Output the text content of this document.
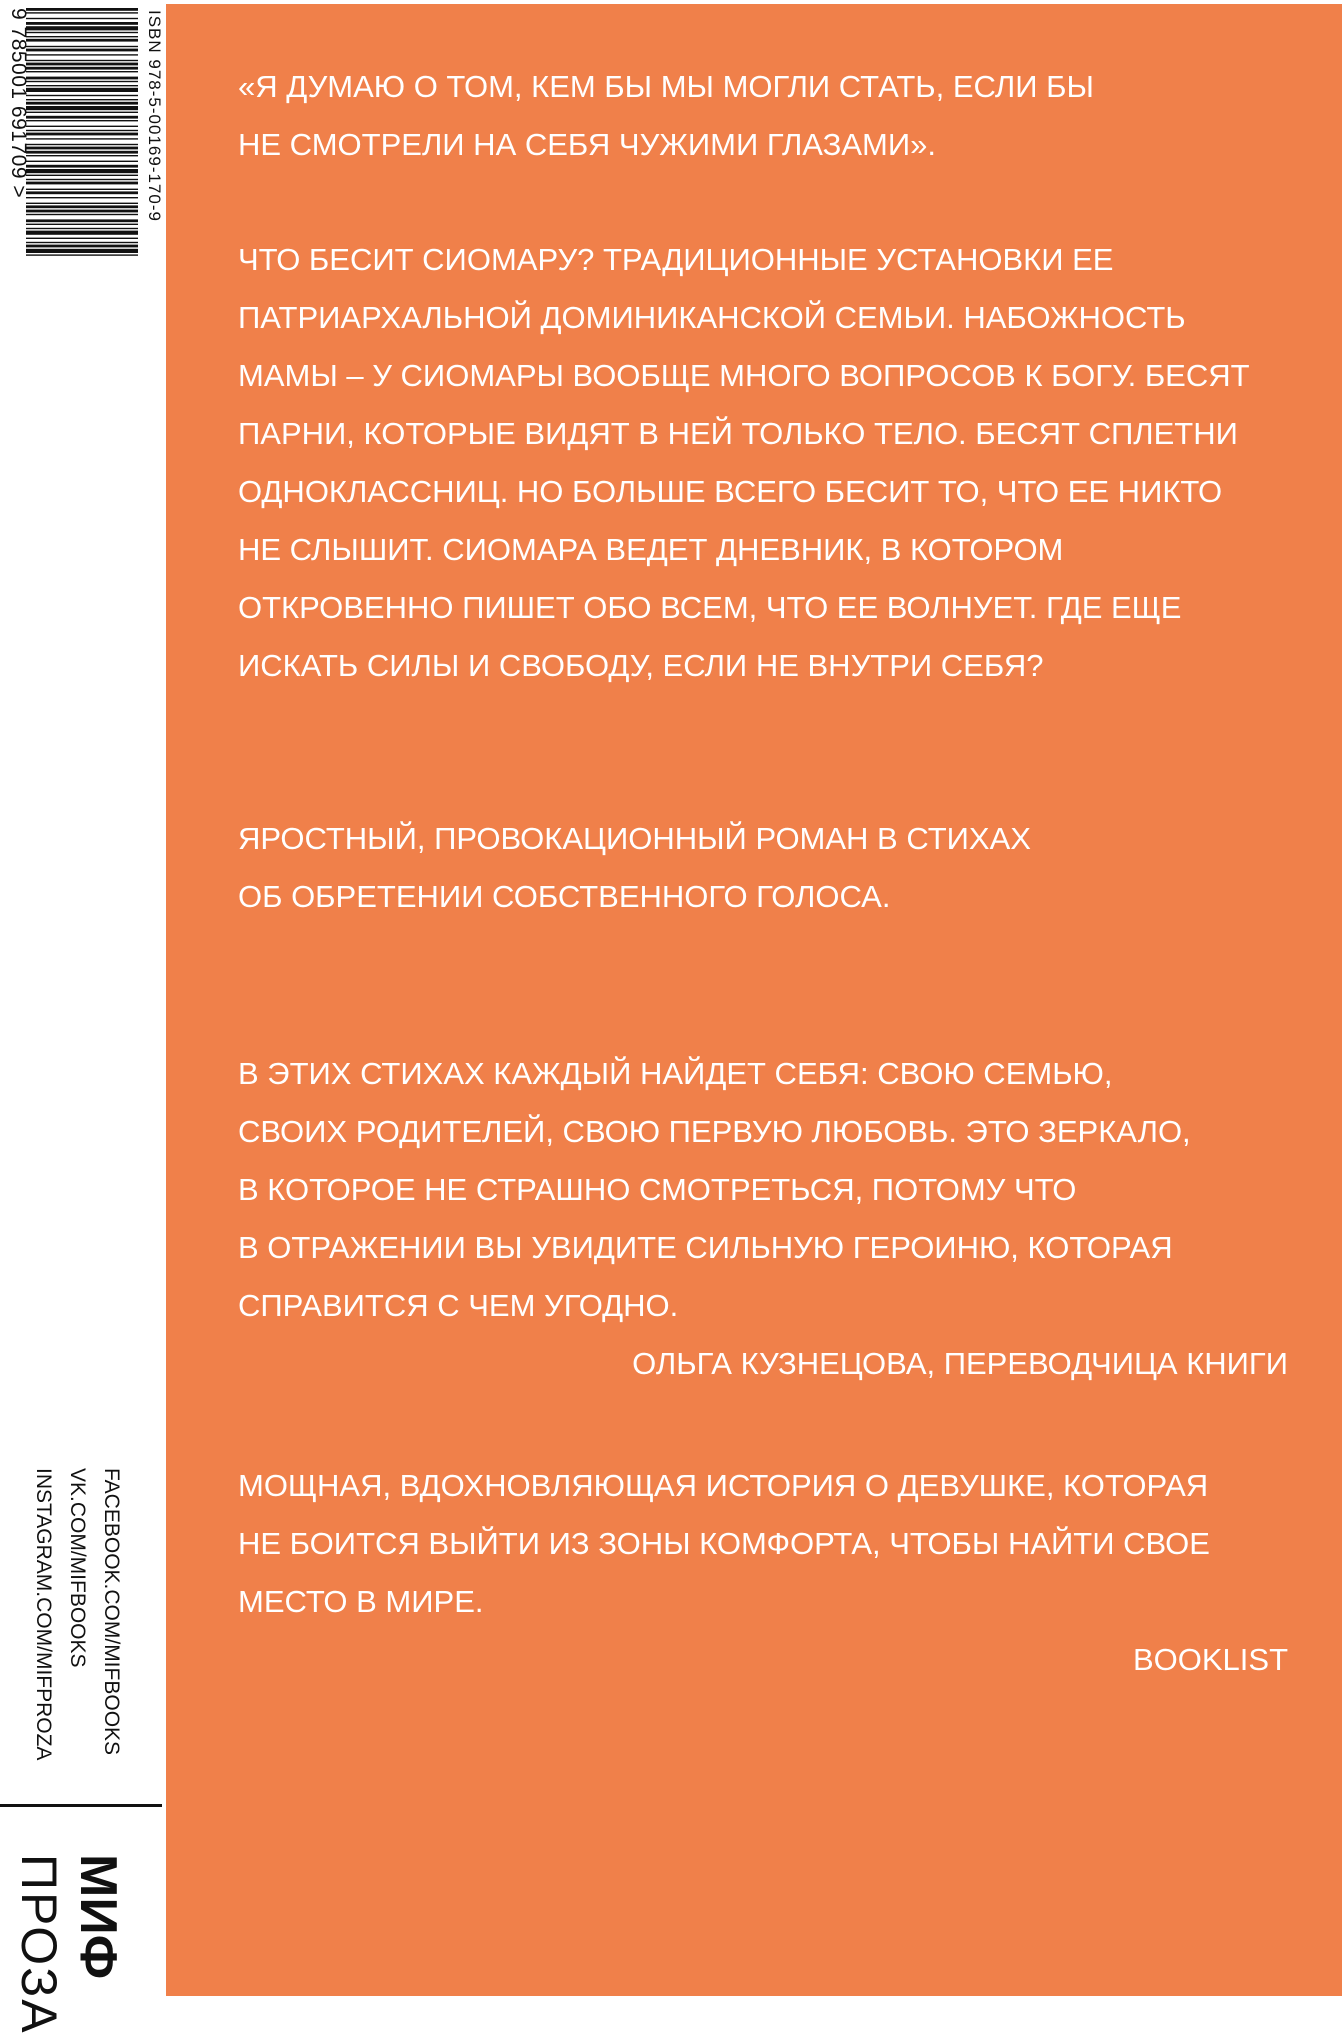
9 785001 691709 >	ISBN 978-5-00169-170-9
FACEBOOK.COM/MIFBOOKS
VK.COM/MIFBOOKS
INSTAGRAM.COM/MIFPROZA
МИФ
ПРОЗА

«Я ДУМАЮ О ТОМ, КЕМ БЫ МЫ МОГЛИ СТАТЬ, ЕСЛИ БЫ
НЕ СМОТРЕЛИ НА СЕБЯ ЧУЖИМИ ГЛАЗАМИ».

ЧТО БЕСИТ СИОМАРУ? ТРАДИЦИОННЫЕ УСТАНОВКИ ЕЕ
ПАТРИАРХАЛЬНОЙ ДОМИНИКАНСКОЙ СЕМЬИ. НАБОЖНОСТЬ
МАМЫ – У СИОМАРЫ ВООБЩЕ МНОГО ВОПРОСОВ К БОГУ. БЕСЯТ
ПАРНИ, КОТОРЫЕ ВИДЯТ В НЕЙ ТОЛЬКО ТЕЛО. БЕСЯТ СПЛЕТНИ
ОДНОКЛАССНИЦ. НО БОЛЬШЕ ВСЕГО БЕСИТ ТО, ЧТО ЕЕ НИКТО
НЕ СЛЫШИТ. СИОМАРА ВЕДЕТ ДНЕВНИК, В КОТОРОМ
ОТКРОВЕННО ПИШЕТ ОБО ВСЕМ, ЧТО ЕЕ ВОЛНУЕТ. ГДЕ ЕЩЕ
ИСКАТЬ СИЛЫ И СВОБОДУ, ЕСЛИ НЕ ВНУТРИ СЕБЯ?

ЯРОСТНЫЙ, ПРОВОКАЦИОННЫЙ РОМАН В СТИХАХ
ОБ ОБРЕТЕНИИ СОБСТВЕННОГО ГОЛОСА.

В ЭТИХ СТИХАХ КАЖДЫЙ НАЙДЕТ СЕБЯ: СВОЮ СЕМЬЮ,
СВОИХ РОДИТЕЛЕЙ, СВОЮ ПЕРВУЮ ЛЮБОВЬ. ЭТО ЗЕРКАЛО,
В КОТОРОЕ НЕ СТРАШНО СМОТРЕТЬСЯ, ПОТОМУ ЧТО
В ОТРАЖЕНИИ ВЫ УВИДИТЕ СИЛЬНУЮ ГЕРОИНЮ, КОТОРАЯ
СПРАВИТСЯ С ЧЕМ УГОДНО.

ОЛЬГА КУЗНЕЦОВА, ПЕРЕВОДЧИЦА КНИГИ

МОЩНАЯ, ВДОХНОВЛЯЮЩАЯ ИСТОРИЯ О ДЕВУШКЕ, КОТОРАЯ
НЕ БОИТСЯ ВЫЙТИ ИЗ ЗОНЫ КОМФОРТА, ЧТОБЫ НАЙТИ СВОЕ
МЕСТО В МИРЕ.

BOOKLIST
